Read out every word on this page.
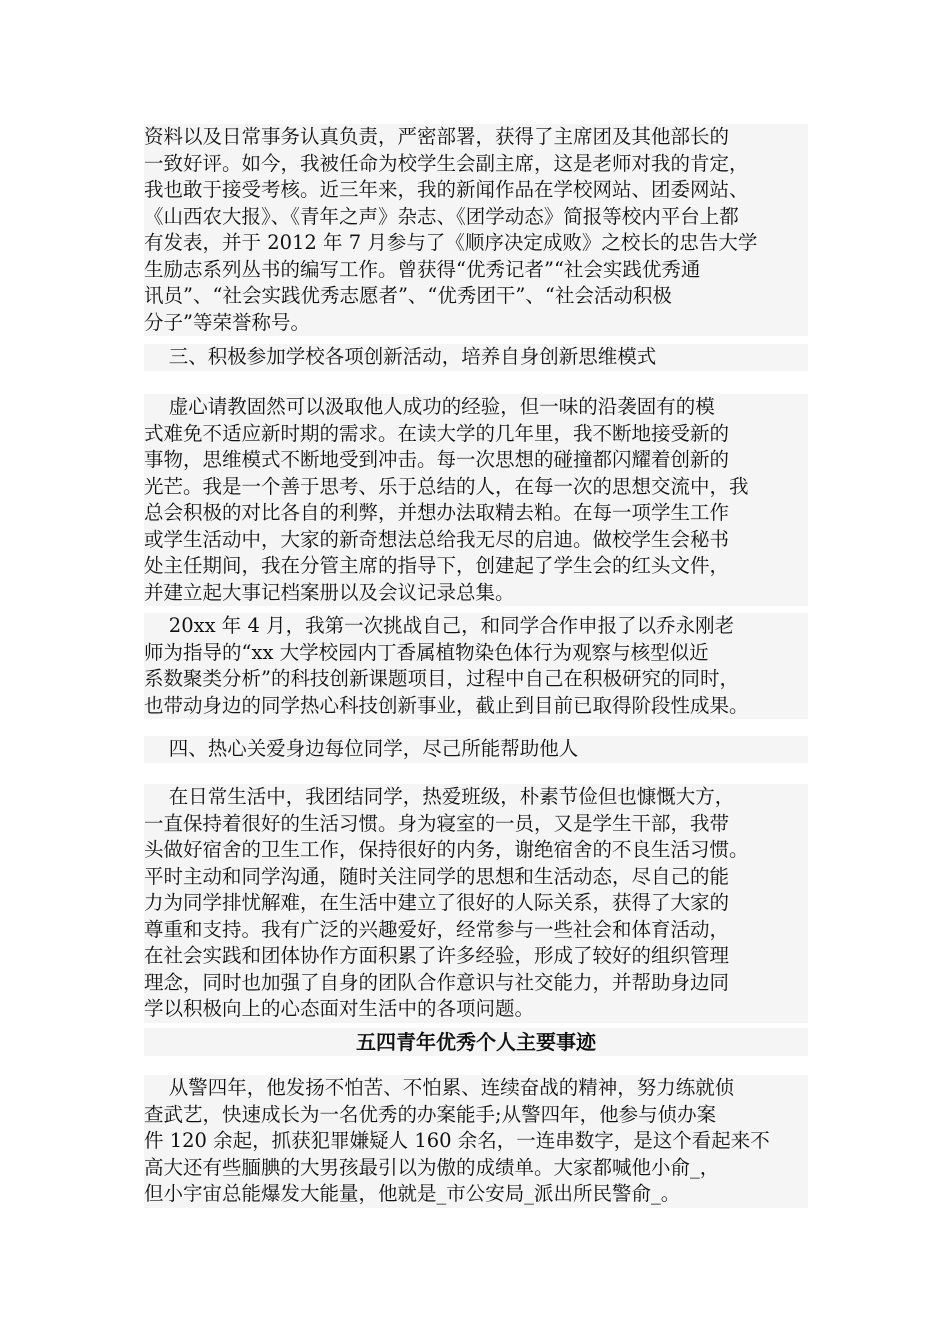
资料以及日常事务认真负责，严密部署，获得了主席团及其他部长的
一致好评。如今，我被任命为校学生会副主席，这是老师对我的肯定，
我也敢于接受考核。近三年来，我的新闻作品在学校网站、团委网站、
《山西农大报》、《青年之声》杂志、《团学动态》简报等校内平台上都
有发表，并于 2012 年 7 月参与了《顺序决定成败》之校长的忠告大学
生励志系列丛书的编写工作。曾获得“优秀记者”“社会实践优秀通
讯员”、“社会实践优秀志愿者”、“优秀团干”、“社会活动积极
分子”等荣誉称号。
三、积极参加学校各项创新活动，培养自身创新思维模式
虚心请教固然可以汲取他人成功的经验，但一味的沿袭固有的模
式难免不适应新时期的需求。在读大学的几年里，我不断地接受新的
事物，思维模式不断地受到冲击。每一次思想的碰撞都闪耀着创新的
光芒。我是一个善于思考、乐于总结的人，在每一次的思想交流中，我
总会积极的对比各自的利弊，并想办法取精去粕。在每一项学生工作
或学生活动中，大家的新奇想法总给我无尽的启迪。做校学生会秘书
处主任期间，我在分管主席的指导下，创建起了学生会的红头文件，
并建立起大事记档案册以及会议记录总集。
20xx 年 4 月，我第一次挑战自己，和同学合作申报了以乔永刚老
师为指导的“xx 大学校园内丁香属植物染色体行为观察与核型似近
系数聚类分析”的科技创新课题项目，过程中自己在积极研究的同时，
也带动身边的同学热心科技创新事业，截止到目前已取得阶段性成果。
四、热心关爱身边每位同学，尽己所能帮助他人
在日常生活中，我团结同学，热爱班级，朴素节俭但也慷慨大方，
一直保持着很好的生活习惯。身为寝室的一员，又是学生干部，我带
头做好宿舍的卫生工作，保持很好的内务，谢绝宿舍的不良生活习惯。
平时主动和同学沟通，随时关注同学的思想和生活动态，尽自己的能
力为同学排忧解难，在生活中建立了很好的人际关系，获得了大家的
尊重和支持。我有广泛的兴趣爱好，经常参与一些社会和体育活动，
在社会实践和团体协作方面积累了许多经验，形成了较好的组织管理
理念，同时也加强了自身的团队合作意识与社交能力，并帮助身边同
学以积极向上的心态面对生活中的各项问题。
五四青年优秀个人主要事迹
从警四年，他发扬不怕苦、不怕累、连续奋战的精神，努力练就侦
查武艺，快速成长为一名优秀的办案能手;从警四年，他参与侦办案
件 120 余起，抓获犯罪嫌疑人 160 余名，一连串数字，是这个看起来不
高大还有些腼腆的大男孩最引以为傲的成绩单。大家都喊他小俞_，
但小宇宙总能爆发大能量，他就是_市公安局_派出所民警俞_。
